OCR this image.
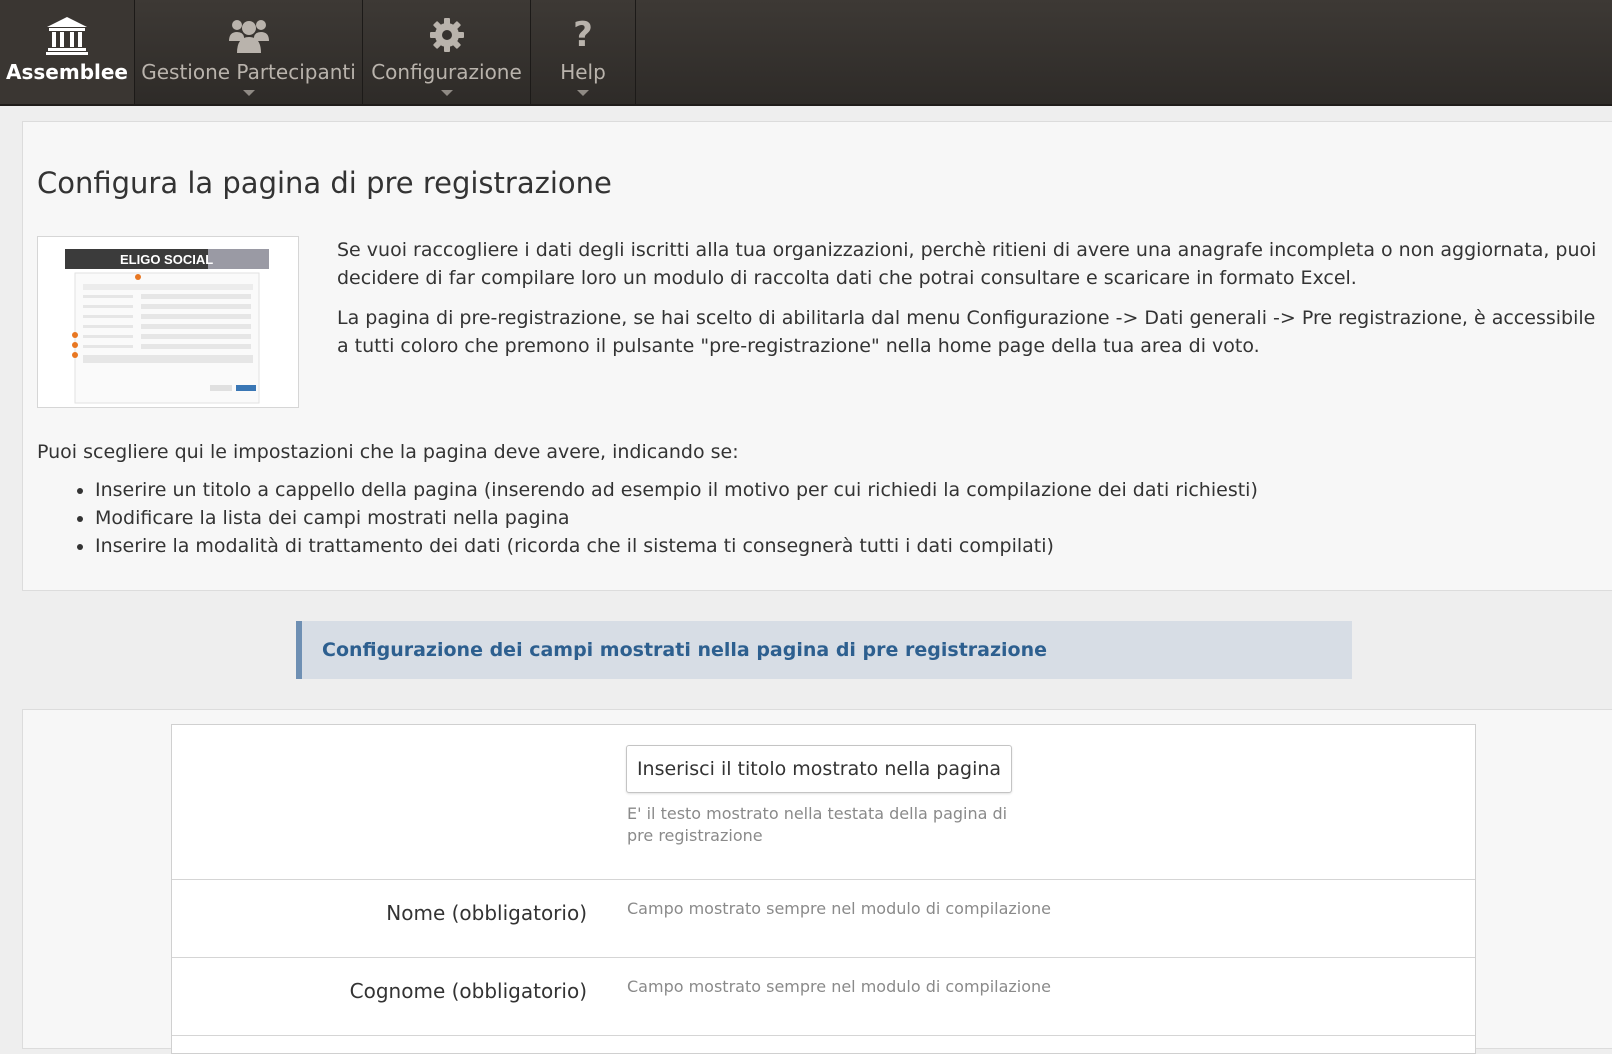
Assemblee Gestione Partecipanti Configurazione
?
Help
Configura la pagina di pre registrazione
ELIGO SOCIAL	Se vuoi raccogliere i dati degli iscritti alla tua organizzazioni, perchè ritieni di avere una anagrafe incompleta o non aggiornata, puoi decidere di far compilare loro un modulo di raccolta dati che potrai consultare e scaricare in formato Excel.

La pagina di pre-registrazione, se hai scelto di abilitarla dal menu Configurazione -> Dati generali -> Pre registrazione, è accessibile a tutti coloro che premono il pulsante "pre-registrazione" nella home page della tua area di voto.

Puoi scegliere qui le impostazioni che la pagina deve avere, indicando se:

• Inserire un titolo a cappello della pagina (inserendo ad esempio il motivo per cui richiedi la compilazione dei dati richiesti)
• Modificare la lista dei campi mostrati nella pagina
• Inserire la modalità di trattamento dei dati (ricorda che il sistema ti consegnerà tutti i dati compilati)
Configurazione dei campi mostrati nella pagina di pre registrazione
Inserisci il titolo mostrato nella pagina
E' il testo mostrato nella testata della pagina di pre registrazione
Nome (obbligatorio)	Campo mostrato sempre nel modulo di compilazione
Cognome (obbligatorio)	Campo mostrato sempre nel modulo di compilazione
